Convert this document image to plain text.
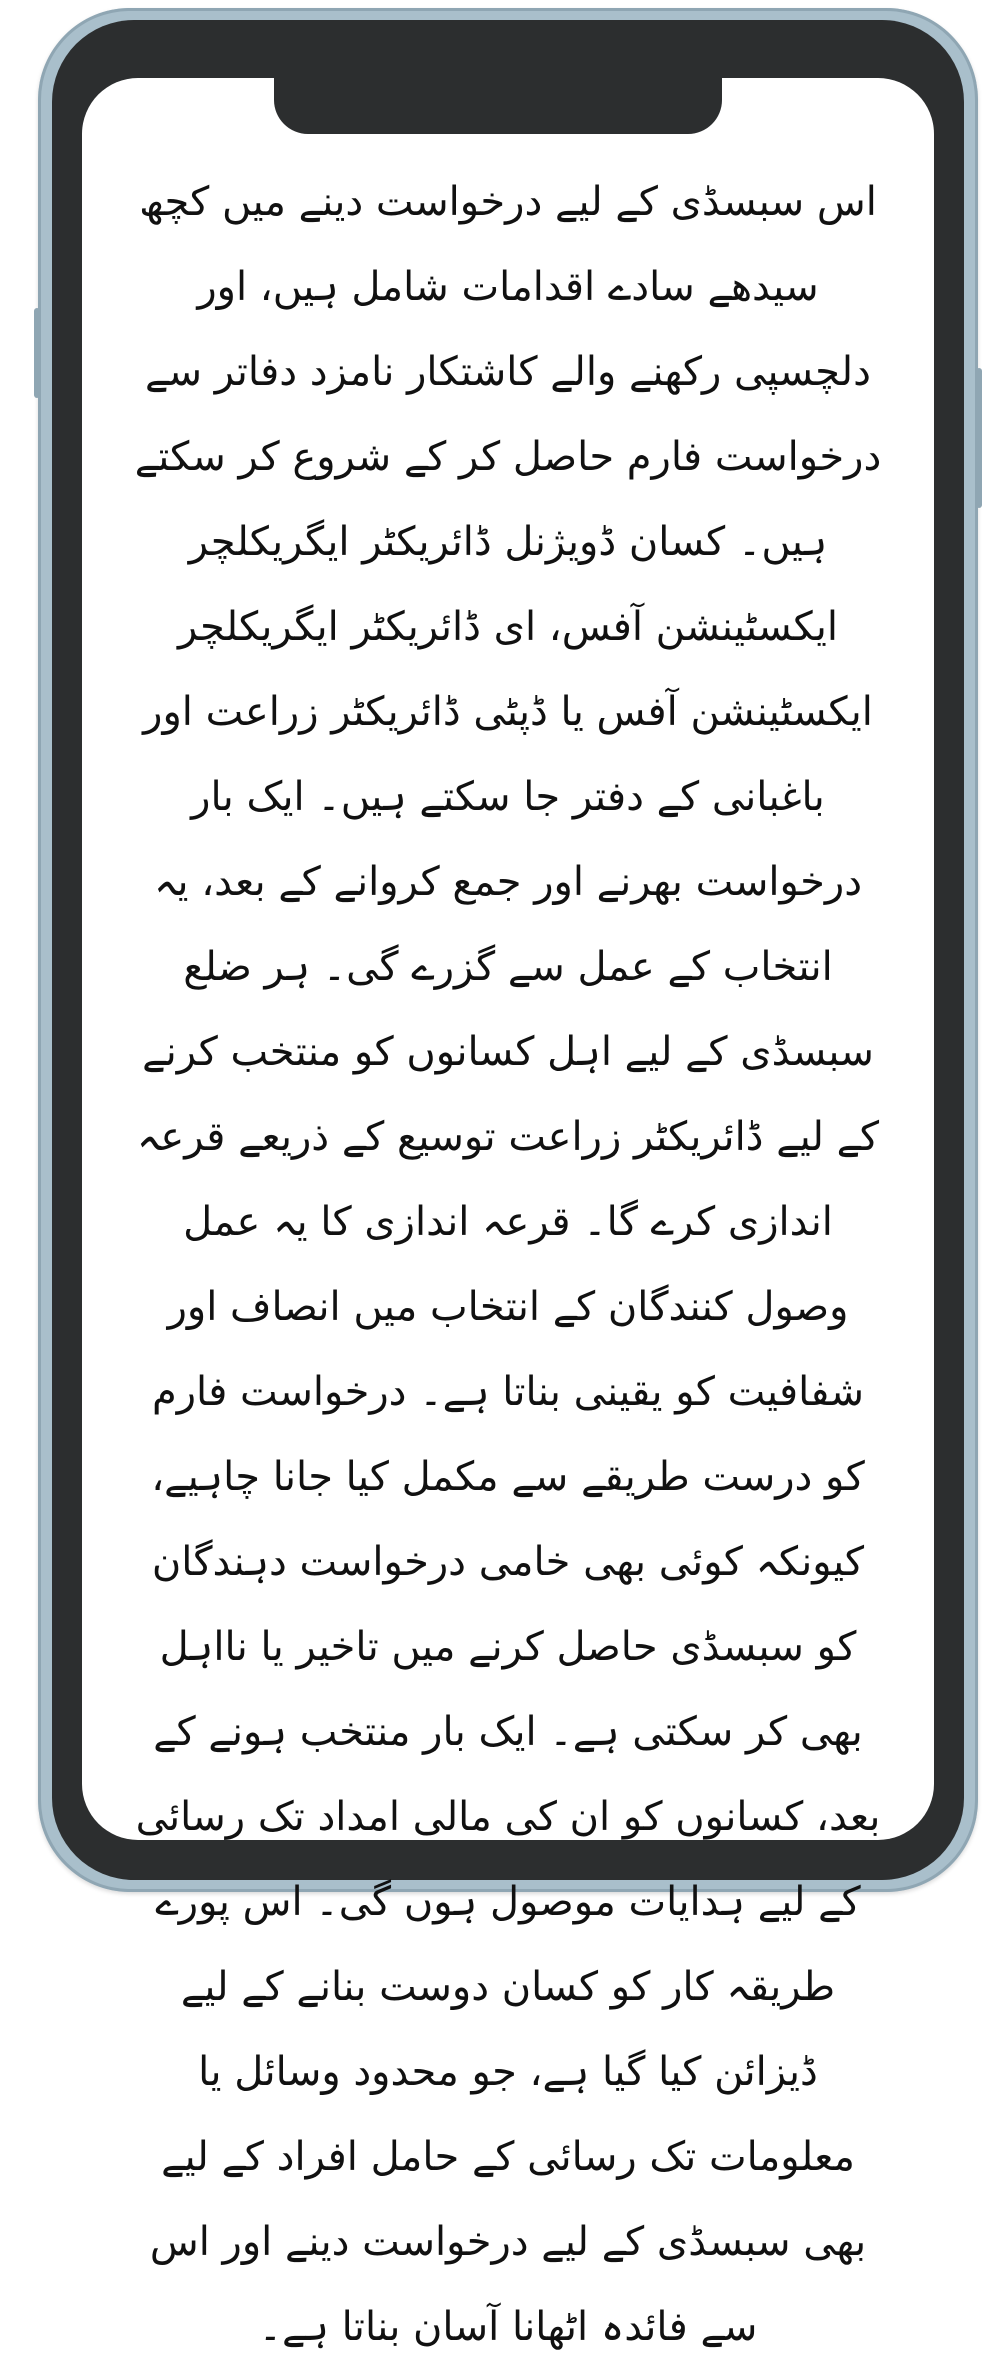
اس سبسڈی کے لیے درخواست دینے میں کچھ سیدھے سادے اقدامات شامل ہیں، اور دلچسپی رکھنے والے کاشتکار نامزد دفاتر سے درخواست فارم حاصل کر کے شروع کر سکتے ہیں۔ کسان ڈویژنل ڈائریکٹر ایگریکلچر ایکسٹینشن آفس، ای ڈائریکٹر ایگریکلچر ایکسٹینشن آفس یا ڈپٹی ڈائریکٹر زراعت اور باغبانی کے دفتر جا سکتے ہیں۔ ایک بار درخواست بھرنے اور جمع کروانے کے بعد، یہ انتخاب کے عمل سے گزرے گی۔ ہر ضلع سبسڈی کے لیے اہل کسانوں کو منتخب کرنے کے لیے ڈائریکٹر زراعت توسیع کے ذریعے قرعہ اندازی کرے گا۔ قرعہ اندازی کا یہ عمل وصول کنندگان کے انتخاب میں انصاف اور شفافیت کو یقینی بناتا ہے۔ درخواست فارم کو درست طریقے سے مکمل کیا جانا چاہیے، کیونکہ کوئی بھی خامی درخواست دہندگان کو سبسڈی حاصل کرنے میں تاخیر یا نااہل بھی کر سکتی ہے۔ ایک بار منتخب ہونے کے بعد، کسانوں کو ان کی مالی امداد تک رسائی کے لیے ہدایات موصول ہوں گی۔ اس پورے طریقہ کار کو کسان دوست بنانے کے لیے ڈیزائن کیا گیا ہے، جو محدود وسائل یا معلومات تک رسائی کے حامل افراد کے لیے بھی سبسڈی کے لیے درخواست دینے اور اس سے فائدہ اٹھانا آسان بناتا ہے۔
